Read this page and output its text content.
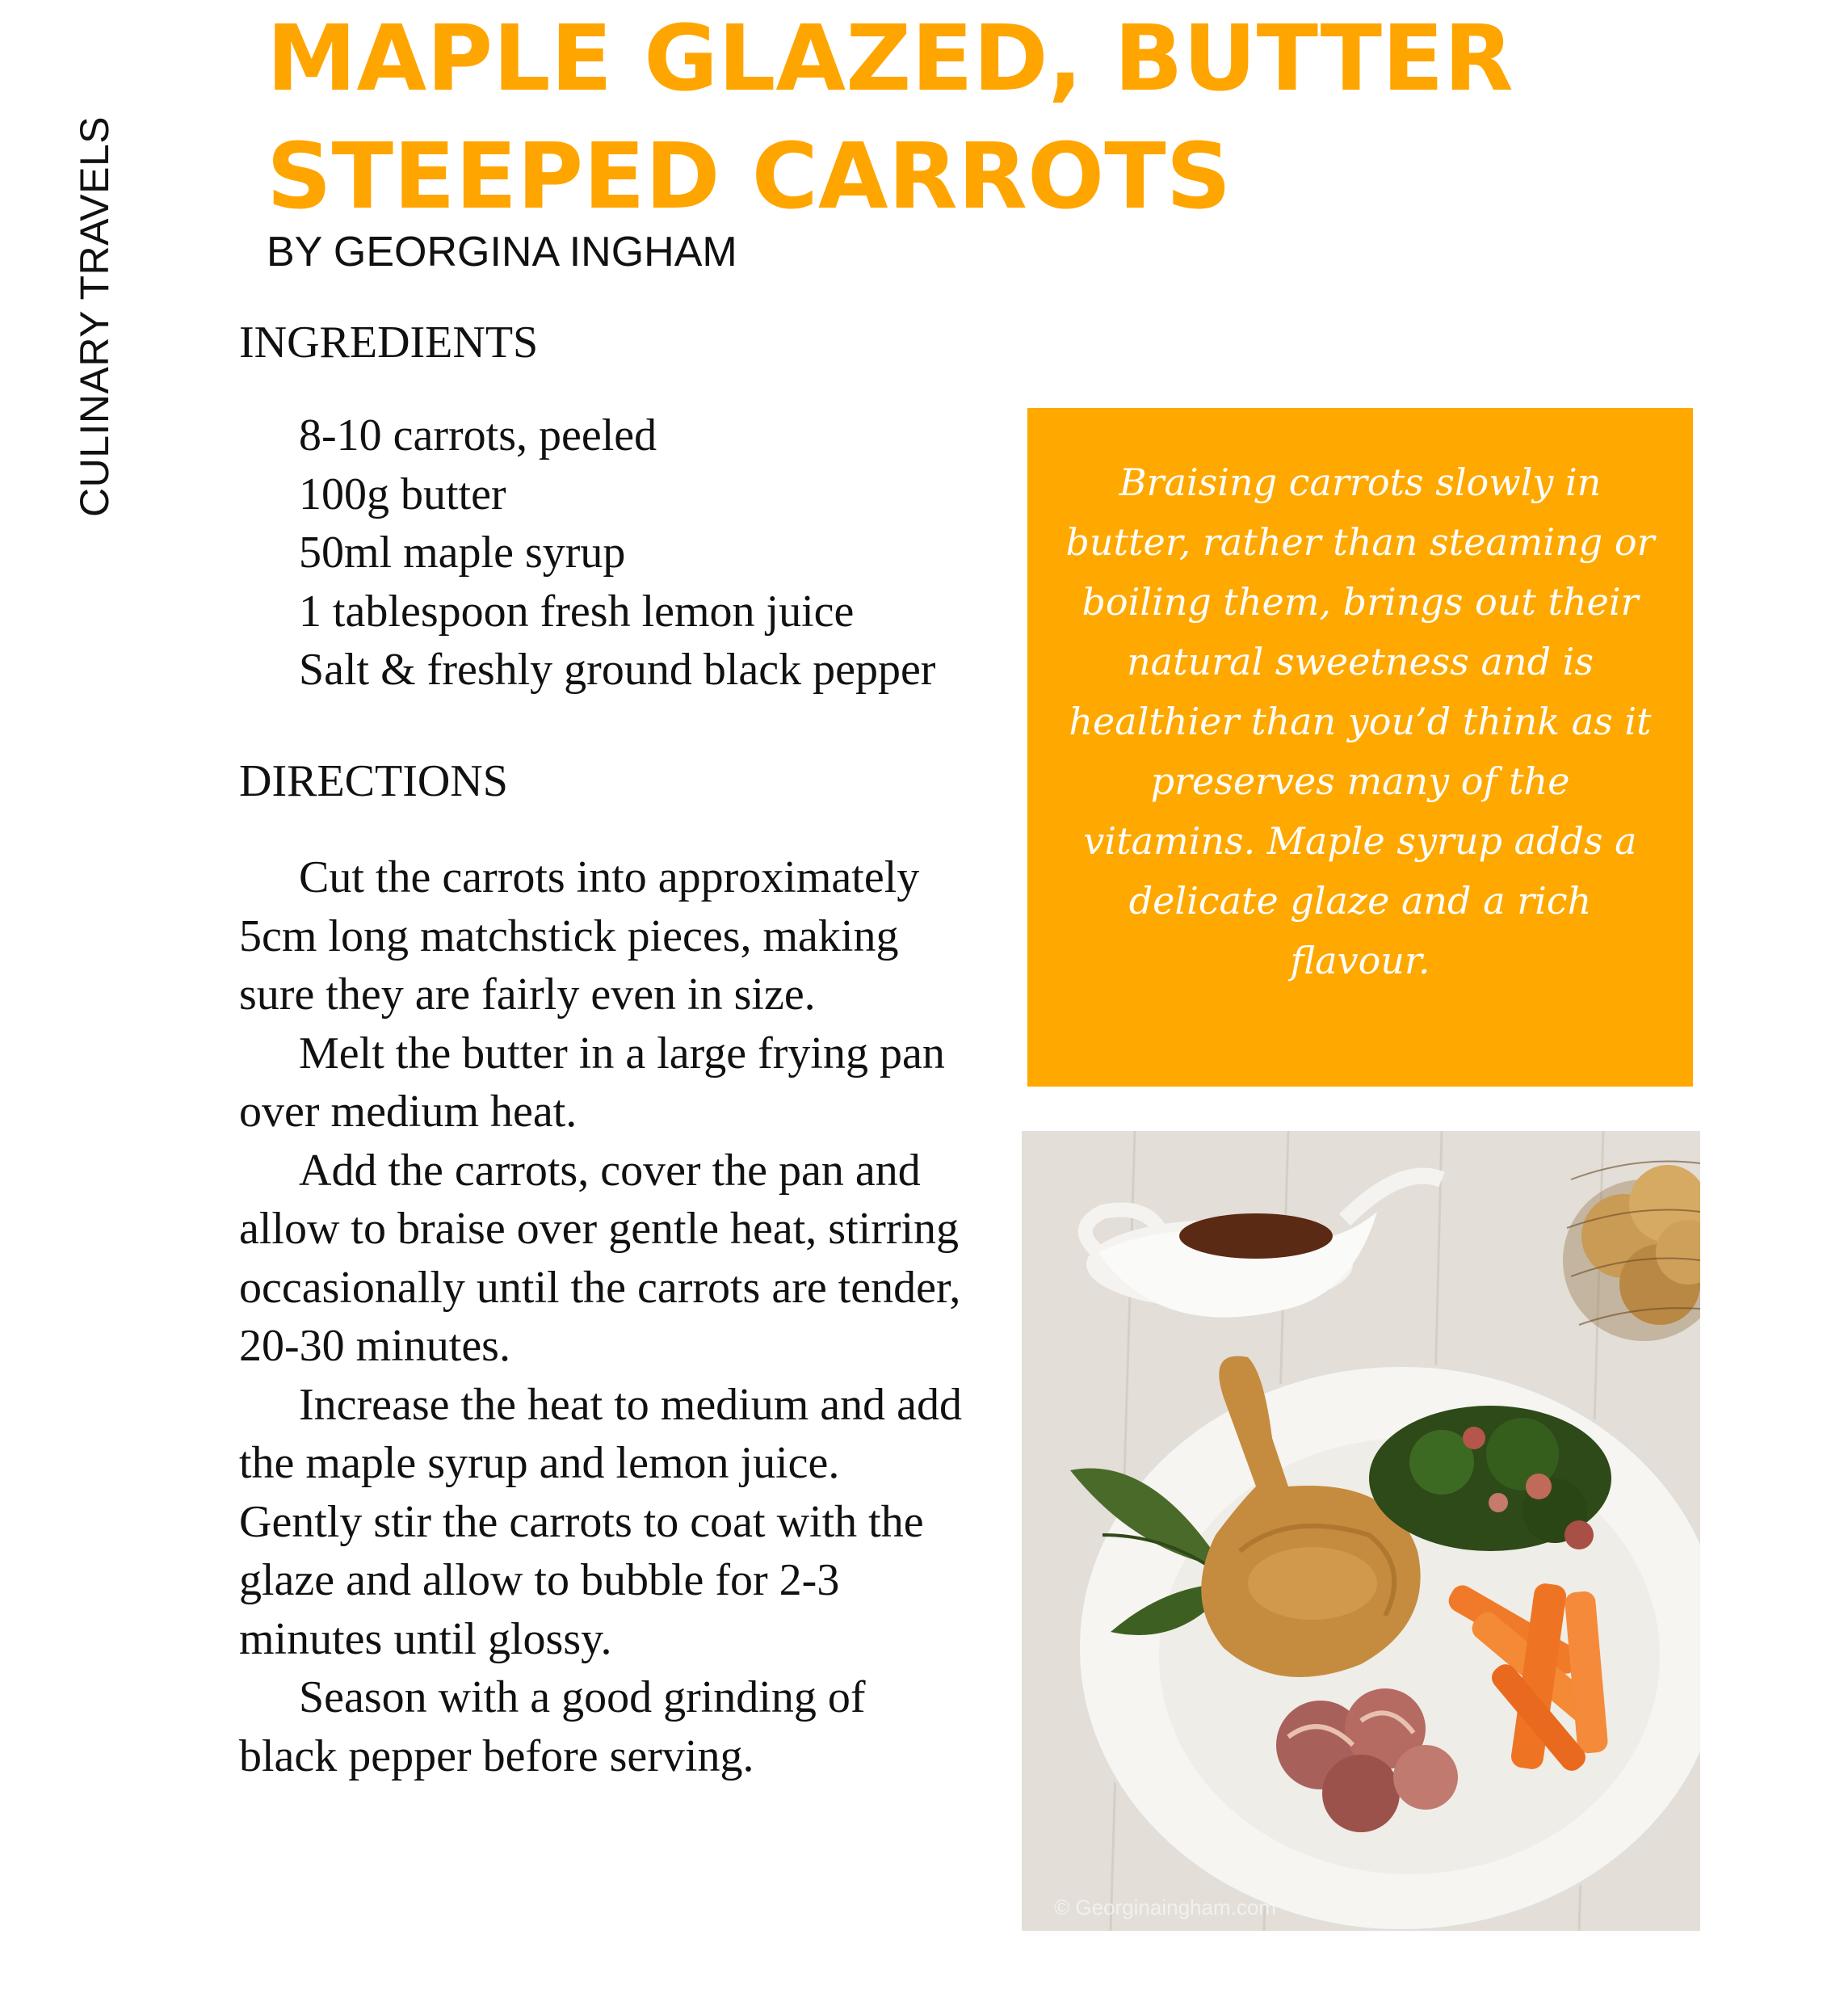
CULINARY TRAVELS
MAPLE GLAZED, BUTTER
STEEPED CARROTS
BY GEORGINA INGHAM
INGREDIENTS
8-10 carrots, peeled
100g butter
50ml maple syrup
1 tablespoon fresh lemon juice
Salt & freshly ground black pepper
DIRECTIONS

Cut the carrots into approximately 5cm long matchstick pieces, making sure they are fairly even in size.

Melt the butter in a large frying pan over medium heat.

Add the carrots, cover the pan and allow to braise over gentle heat, stirring occasionally until the carrots are tender, 20-30 minutes.

Increase the heat to medium and add the maple syrup and lemon juice. Gently stir the carrots to coat with the glaze and allow to bubble for 2-3 minutes until glossy.

Season with a good grinding of black pepper before serving.

Braising carrots slowly in butter, rather than steaming or boiling them, brings out their natural sweetness and is healthier than you’d think as it preserves many of the vitamins. Maple syrup adds a delicate glaze and a rich flavour.
© Georginaingham.com
